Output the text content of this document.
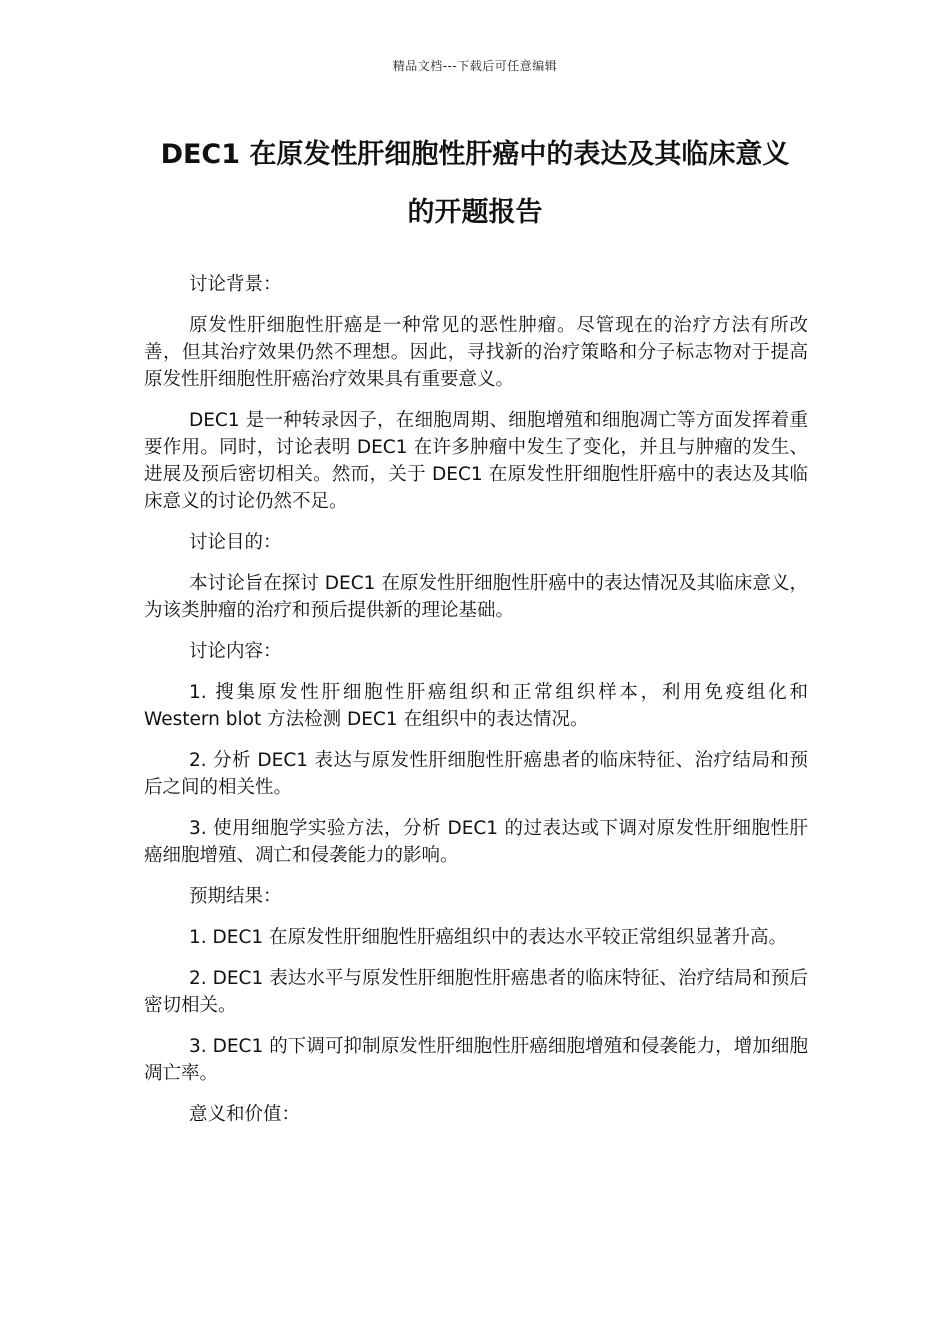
精品文档---下载后可任意编辑
DEC1 在原发性肝细胞性肝癌中的表达及其临床意义
的开题报告

讨论背景：

原发性肝细胞性肝癌是一种常见的恶性肿瘤。尽管现在的治疗方法有所改善，但其治疗效果仍然不理想。因此，寻找新的治疗策略和分子标志物对于提高原发性肝细胞性肝癌治疗效果具有重要意义。

DEC1 是一种转录因子，在细胞周期、细胞增殖和细胞凋亡等方面发挥着重要作用。同时，讨论表明 DEC1 在许多肿瘤中发生了变化，并且与肿瘤的发生、进展及预后密切相关。然而，关于 DEC1 在原发性肝细胞性肝癌中的表达及其临床意义的讨论仍然不足。

讨论目的：

本讨论旨在探讨 DEC1 在原发性肝细胞性肝癌中的表达情况及其临床意义，为该类肿瘤的治疗和预后提供新的理论基础。

讨论内容：

1. 搜集原发性肝细胞性肝癌组织和正常组织样本，利用免疫组化和 Western blot 方法检测 DEC1 在组织中的表达情况。

2. 分析 DEC1 表达与原发性肝细胞性肝癌患者的临床特征、治疗结局和预后之间的相关性。

3. 使用细胞学实验方法，分析 DEC1 的过表达或下调对原发性肝细胞性肝癌细胞增殖、凋亡和侵袭能力的影响。

预期结果：

1. DEC1 在原发性肝细胞性肝癌组织中的表达水平较正常组织显著升高。

2. DEC1 表达水平与原发性肝细胞性肝癌患者的临床特征、治疗结局和预后密切相关。

3. DEC1 的下调可抑制原发性肝细胞性肝癌细胞增殖和侵袭能力，增加细胞凋亡率。

意义和价值：
